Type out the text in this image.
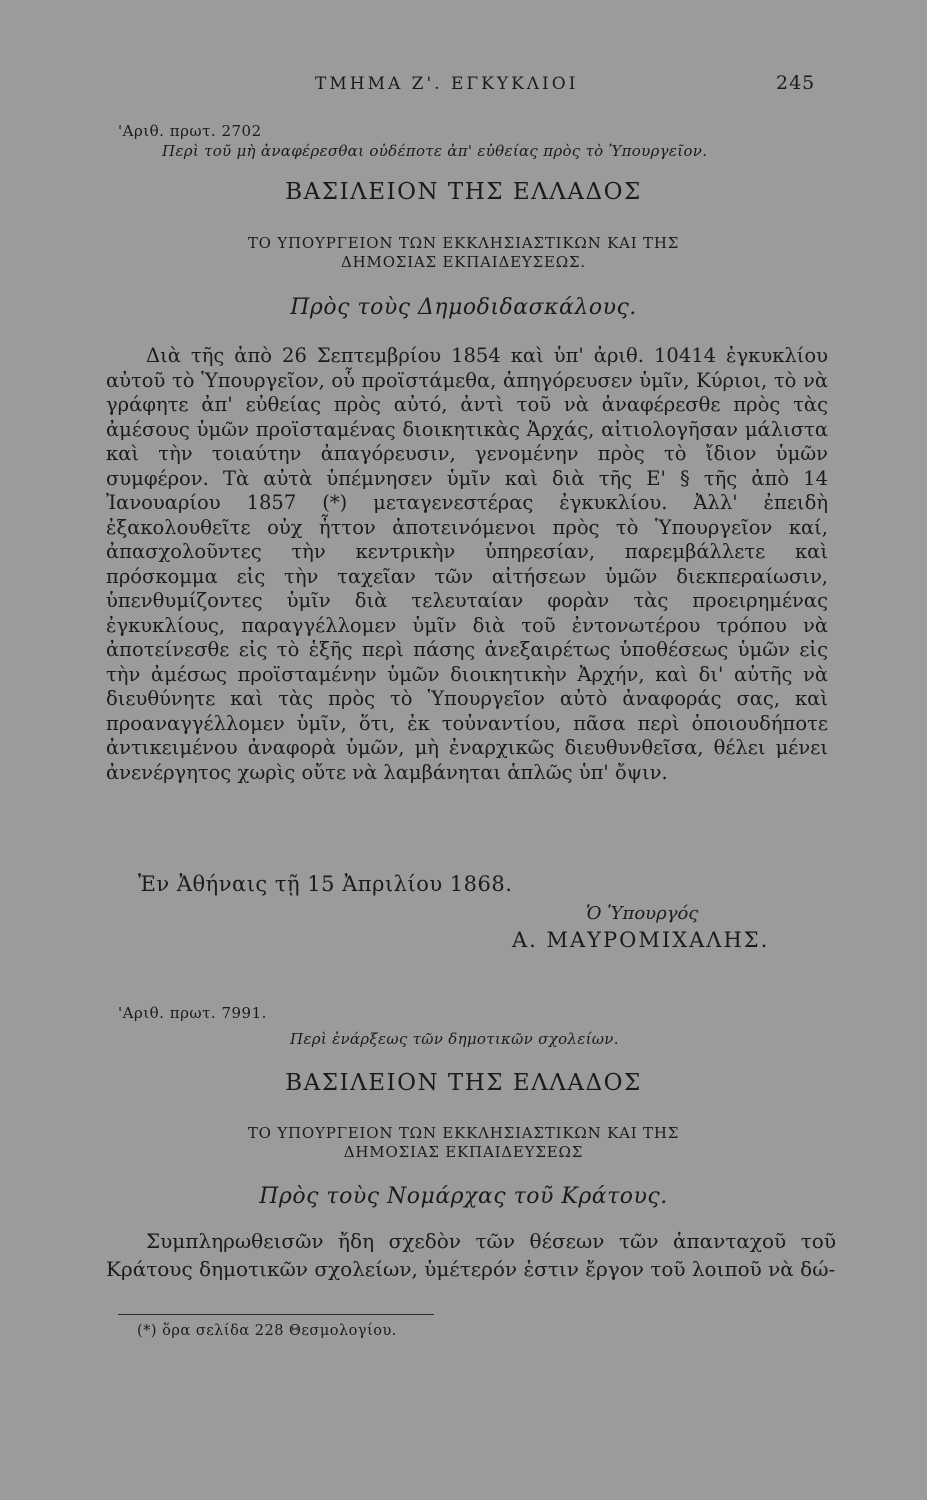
ΤΜΗΜΑ Ζ'. ΕΓΚΥΚΛΙΟΙ	245
'Αριθ. πρωτ. 2702
Περὶ τοῦ μὴ ἀναφέρεσθαι οὐδέποτε ἀπ' εὐθείας πρὸς τὸ Ὑπουργεῖον.
ΒΑΣΙΛΕΙΟΝ ΤΗΣ ΕΛΛΑΔΟΣ
ΤΟ ΥΠΟΥΡΓΕΙΟΝ ΤΩΝ ΕΚΚΛΗΣΙΑΣΤΙΚΩΝ ΚΑΙ ΤΗΣ
ΔΗΜΟΣΙΑΣ ΕΚΠΑΙΔΕΥΣΕΩΣ.
Πρὸς τοὺς Δημοδιδασκάλους.

Διὰ τῆς ἀπὸ 26 Σεπτεμβρίου 1854 καὶ ὑπ' ἀριθ. 10414 ἐγκυκλίου αὐτοῦ τὸ Ὑπουργεῖον, οὗ προϊστάμεθα, ἀπηγόρευσεν ὑμῖν, Κύριοι, τὸ νὰ γράφητε ἀπ' εὐθείας πρὸς αὐτό, ἀντὶ τοῦ νὰ ἀναφέρεσθε πρὸς τὰς ἀμέσους ὑμῶν προϊσταμένας διοικητικὰς Ἀρχάς, αἰτιολογῆσαν μάλιστα καὶ τὴν τοιαύτην ἀπαγόρευσιν, γενομένην πρὸς τὸ ἴδιον ὑμῶν συμφέρον. Τὰ αὐτὰ ὑπέμνησεν ὑμῖν καὶ διὰ τῆς Ε' § τῆς ἀπὸ 14 Ἰανουαρίου 1857 (*) μεταγενεστέρας ἐγκυκλίου. Ἀλλ' ἐπειδὴ ἐξακολουθεῖτε οὐχ ἧττον ἀποτεινόμενοι πρὸς τὸ Ὑπουργεῖον καί, ἀπασχολοῦντες τὴν κεντρικὴν ὑπηρεσίαν, παρεμβάλλετε καὶ πρόσκομμα εἰς τὴν ταχεῖαν τῶν αἰτήσεων ὑμῶν διεκπεραίωσιν, ὑπενθυμίζοντες ὑμῖν διὰ τελευταίαν φορὰν τὰς προειρημένας ἐγκυκλίους, παραγγέλλομεν ὑμῖν διὰ τοῦ ἐντονωτέρου τρόπου νὰ ἀποτείνεσθε εἰς τὸ ἑξῆς περὶ πάσης ἀνεξαιρέτως ὑποθέσεως ὑμῶν εἰς τὴν ἀμέσως προϊσταμένην ὑμῶν διοικητικὴν Ἀρχήν, καὶ δι' αὐτῆς νὰ διευθύνητε καὶ τὰς πρὸς τὸ Ὑπουργεῖον αὐτὸ ἀναφοράς σας, καὶ προαναγγέλλομεν ὑμῖν, ὅτι, ἐκ τοὐναντίου, πᾶσα περὶ ὁποιουδήποτε ἀντικειμένου ἀναφορὰ ὑμῶν, μὴ ἐναρχικῶς διευθυνθεῖσα, θέλει μένει ἀνενέργητος χωρὶς οὔτε νὰ λαμβάνηται ἁπλῶς ὑπ' ὄψιν.

Ἐν Ἀθήναις τῇ 15 Ἀπριλίου 1868.
Ὁ Ὑπουργός
Α. ΜΑΥΡΟΜΙΧΑΛΗΣ.
'Αριθ. πρωτ. 7991.
Περὶ ἐνάρξεως τῶν δημοτικῶν σχολείων.
ΒΑΣΙΛΕΙΟΝ ΤΗΣ ΕΛΛΑΔΟΣ
ΤΟ ΥΠΟΥΡΓΕΙΟΝ ΤΩΝ ΕΚΚΛΗΣΙΑΣΤΙΚΩΝ ΚΑΙ ΤΗΣ
ΔΗΜΟΣΙΑΣ ΕΚΠΑΙΔΕΥΣΕΩΣ
Πρὸς τοὺς Νομάρχας τοῦ Κράτους.

Συμπληρωθεισῶν ἤδη σχεδὸν τῶν θέσεων τῶν ἁπανταχοῦ τοῦ Κράτους δημοτικῶν σχολείων, ὑμέτερόν ἐστιν ἔργον τοῦ λοιποῦ νὰ δώ-

(*) ὅρα σελίδα 228 Θεσμολογίου.
